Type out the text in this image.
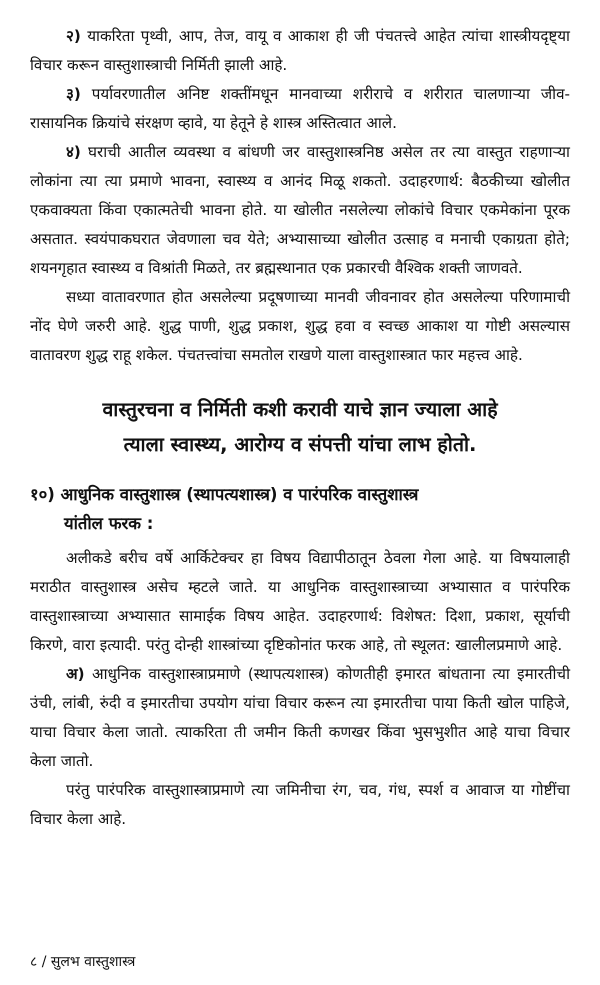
२) याकरिता पृथ्वी, आप, तेज, वायू व आकाश ही जी पंचतत्त्वे आहेत त्यांचा शास्त्रीयदृष्ट्या विचार करून वास्तुशास्त्राची निर्मिती झाली आहे.

३) पर्यावरणातील अनिष्ट शक्तींमधून मानवाच्या शरीराचे व शरीरात चालणाऱ्या जीव-रासायनिक क्रियांचे संरक्षण व्हावे, या हेतूने हे शास्त्र अस्तित्वात आले.

४) घराची आतील व्यवस्था व बांधणी जर वास्तुशास्त्रनिष्ठ असेल तर त्या वास्तुत राहणाऱ्या लोकांना त्या त्या प्रमाणे भावना, स्वास्थ्य व आनंद मिळू शकतो. उदाहरणार्थ: बैठकीच्या खोलीत एकवाक्यता किंवा एकात्मतेची भावना होते. या खोलीत नसलेल्या लोकांचे विचार एकमेकांना पूरक असतात. स्वयंपाकघरात जेवणाला चव येते; अभ्यासाच्या खोलीत उत्साह व मनाची एकाग्रता होते; शयनगृहात स्वास्थ्य व विश्रांती मिळते, तर ब्रह्मस्थानात एक प्रकारची वैश्विक शक्ती जाणवते.

सध्या वातावरणात होत असलेल्या प्रदूषणाच्या मानवी जीवनावर होत असलेल्या परिणामाची नोंद घेणे जरुरी आहे. शुद्ध पाणी, शुद्ध प्रकाश, शुद्ध हवा व स्वच्छ आकाश या गोष्टी असल्यास वातावरण शुद्ध राहू शकेल. पंचतत्त्वांचा समतोल राखणे याला वास्तुशास्त्रात फार महत्त्व आहे.

वास्तुरचना व निर्मिती कशी करावी याचे ज्ञान ज्याला आहे
त्याला स्वास्थ्य, आरोग्य व संपत्ती यांचा लाभ होतो.
१०) आधुनिक वास्तुशास्त्र (स्थापत्यशास्त्र) व पारंपरिक वास्तुशास्त्र
यांतील फरक :

अलीकडे बरीच वर्षे आर्किटेक्चर हा विषय विद्यापीठातून ठेवला गेला आहे. या विषयालाही मराठीत वास्तुशास्त्र असेच म्हटले जाते. या आधुनिक वास्तुशास्त्राच्या अभ्यासात व पारंपरिक वास्तुशास्त्राच्या अभ्यासात सामाईक विषय आहेत. उदाहरणार्थ: विशेषत: दिशा, प्रकाश, सूर्याची किरणे, वारा इत्यादी. परंतु दोन्ही शास्त्रांच्या दृष्टिकोनांत फरक आहे, तो स्थूलत: खालीलप्रमाणे आहे.

अ) आधुनिक वास्तुशास्त्राप्रमाणे (स्थापत्यशास्त्र) कोणतीही इमारत बांधताना त्या इमारतीची उंची, लांबी, रुंदी व इमारतीचा उपयोग यांचा विचार करून त्या इमारतीचा पाया किती खोल पाहिजे, याचा विचार केला जातो. त्याकरिता ती जमीन किती कणखर किंवा भुसभुशीत आहे याचा विचार केला जातो.

परंतु पारंपरिक वास्तुशास्त्राप्रमाणे त्या जमिनीचा रंग, चव, गंध, स्पर्श व आवाज या गोष्टींचा विचार केला आहे.

८ / सुलभ वास्तुशास्त्र
